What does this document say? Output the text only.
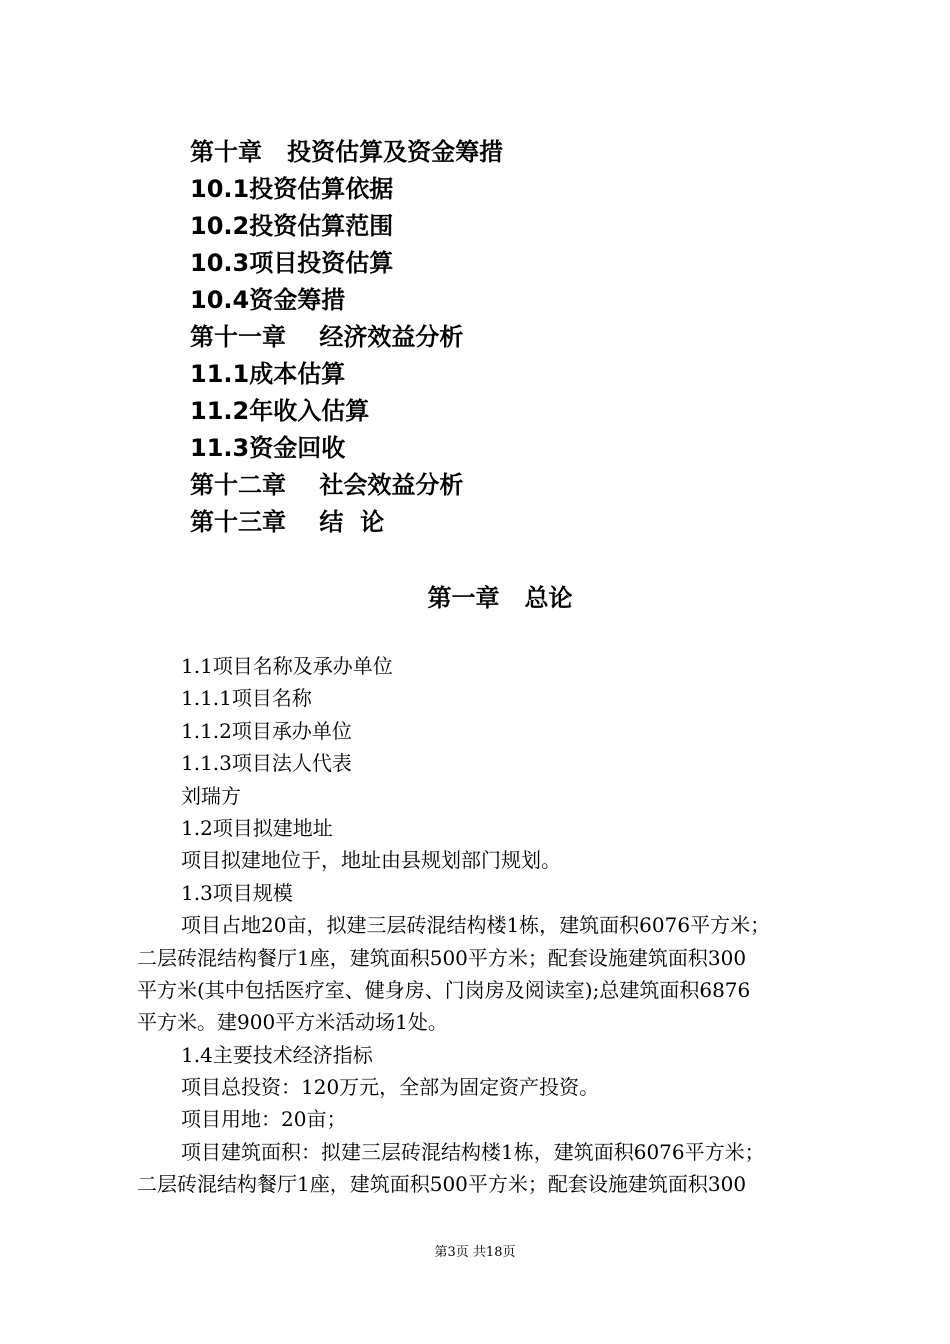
第十章   投资估算及资金筹措
10.1投资估算依据
10.2投资估算范围
10.3项目投资估算
10.4资金筹措
第十一章    经济效益分析
11.1成本估算
11.2年收入估算
11.3资金回收
第十二章    社会效益分析
第十三章    结  论
第一章   总论
1.1项目名称及承办单位
1.1.1项目名称
1.1.2项目承办单位
1.1.3项目法人代表
刘瑞方
1.2项目拟建地址
项目拟建地位于，地址由县规划部门规划。
1.3项目规模
项目占地20亩，拟建三层砖混结构楼1栋，建筑面积6076平方米；
二层砖混结构餐厅1座，建筑面积500平方米；配套设施建筑面积300
平方米(其中包括医疗室、健身房、门岗房及阅读室);总建筑面积6876
平方米。建900平方米活动场1处。
1.4主要技术经济指标
项目总投资：120万元，全部为固定资产投资。
项目用地：20亩；
项目建筑面积：拟建三层砖混结构楼1栋，建筑面积6076平方米；
二层砖混结构餐厅1座，建筑面积500平方米；配套设施建筑面积300
第3页 共18页
